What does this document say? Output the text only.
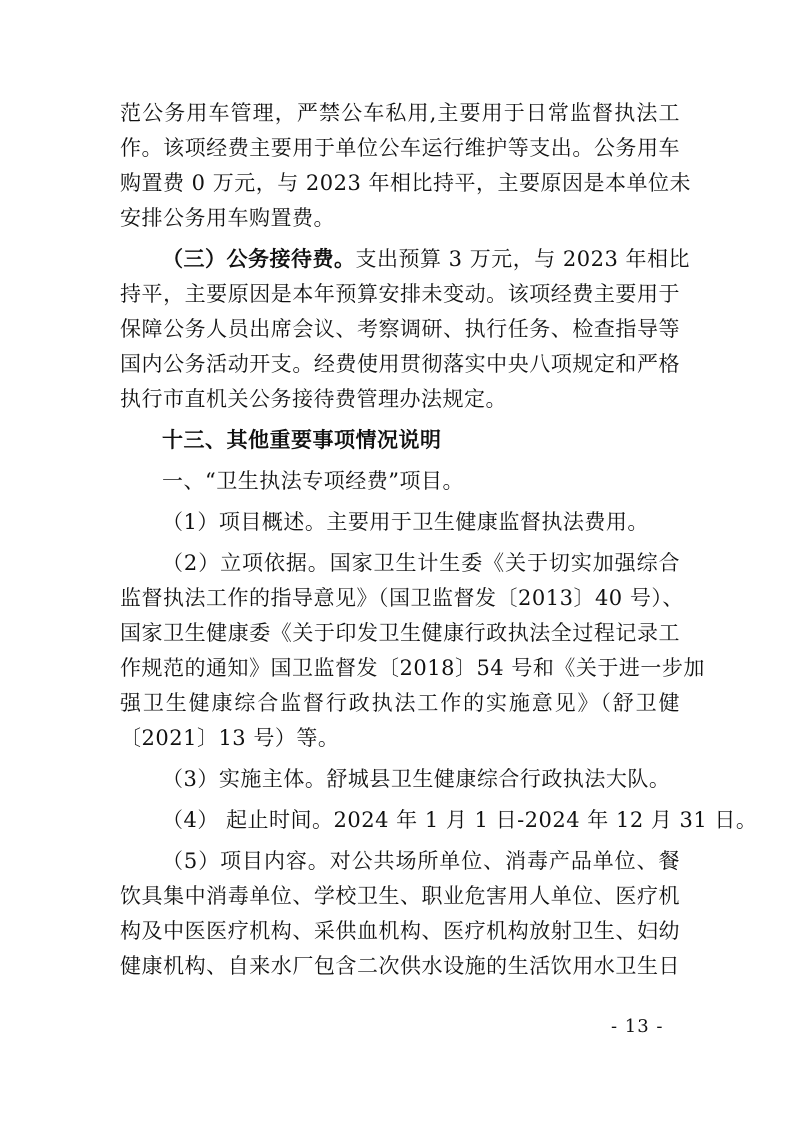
范公务用车管理，严禁公车私用,主要用于日常监督执法工
作。该项经费主要用于单位公车运行维护等支出。公务用车
购置费 0 万元，与 2023 年相比持平，主要原因是本单位未
安排公务用车购置费。
（三）公务接待费。支出预算 3 万元，与 2023 年相比
持平，主要原因是本年预算安排未变动。该项经费主要用于
保障公务人员出席会议、考察调研、执行任务、检查指导等
国内公务活动开支。经费使用贯彻落实中央八项规定和严格
执行市直机关公务接待费管理办法规定。
十三、其他重要事项情况说明
一、“卫生执法专项经费”项目。
（1）项目概述。主要用于卫生健康监督执法费用。
（2）立项依据。国家卫生计生委《关于切实加强综合
监督执法工作的指导意见》（国卫监督发〔2013〕40 号）、
国家卫生健康委《关于印发卫生健康行政执法全过程记录工
作规范的通知》国卫监督发〔2018〕54 号和《关于进一步加
强卫生健康综合监督行政执法工作的实施意见》（舒卫健
〔2021〕13 号）等。
（3）实施主体。舒城县卫生健康综合行政执法大队。
（4） 起止时间。2024 年 1 月 1 日-2024 年 12 月 31 日。
（5）项目内容。对公共场所单位、消毒产品单位、餐
饮具集中消毒单位、学校卫生、职业危害用人单位、医疗机
构及中医医疗机构、采供血机构、医疗机构放射卫生、妇幼
健康机构、自来水厂包含二次供水设施的生活饮用水卫生日
- 13 -
